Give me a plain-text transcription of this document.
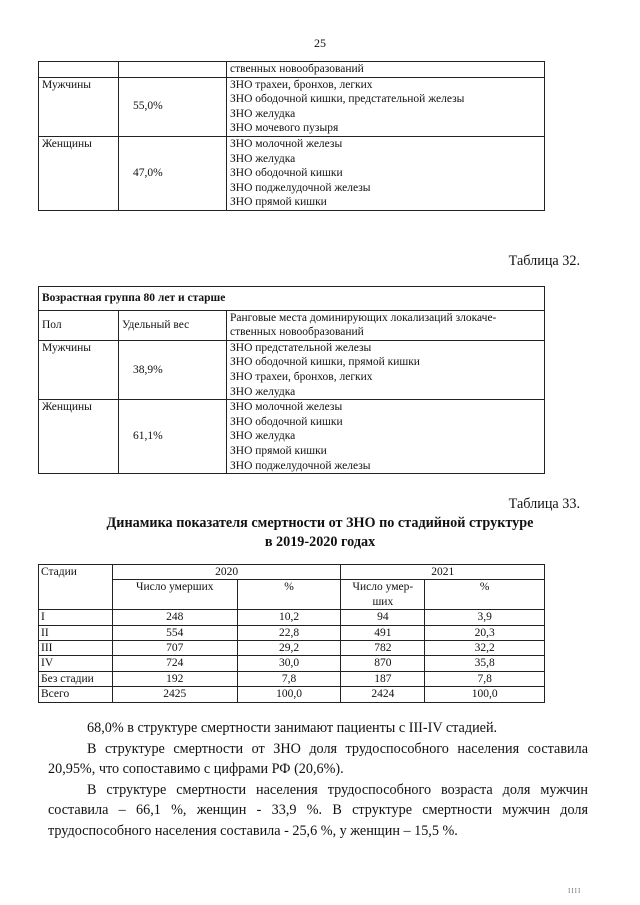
25
		ственных новообразований
Мужчины	55,0%	ЗНО трахеи, бронхов, легких
ЗНО ободочной кишки, предстательной железы
ЗНО желудка
ЗНО мочевого пузыря

Женщины	47,0%	ЗНО молочной железы
ЗНО желудка
ЗНО ободочной кишки
ЗНО поджелудочной железы
ЗНО прямой кишки
Таблица 32.
Возрастная группа 80 лет и старше		
Пол	Удельный вес	Ранговые места доминирующих локализаций злокаче-
ственных новообразований

Мужчины	38,9%	ЗНО предстательной железы
ЗНО ободочной кишки, прямой кишки
ЗНО трахеи, бронхов, легких
ЗНО желудка

Женщины	61,1%	ЗНО молочной железы
ЗНО ободочной кишки
ЗНО желудка
ЗНО прямой кишки
ЗНО поджелудочной железы
Таблица 33.
Динамика показателя смертности от ЗНО по стадийной структуре
в 2019-2020 годах
Стадии	2020		2021	
	Число умерших	%	Число умер-
ших	%
I	248	10,2	94	3,9
II	554	22,8	491	20,3
III	707	29,2	782	32,2
IV	724	30,0	870	35,8
Без стадии	192	7,8	187	7,8
Всего	2425	100,0	2424	100,0

68,0% в структуре смертности занимают пациенты с III-IV стадией.

В структуре смертности от ЗНО доля трудоспособного населения составила 20,95%, что сопоставимо с цифрами РФ (20,6%).

В структуре смертности населения трудоспособного возраста доля мужчин составила – 66,1 %, женщин - 33,9 %. В структуре смертности мужчин доля трудоспособного населения составила - 25,6 %, у женщин – 15,5 %.

IIII
